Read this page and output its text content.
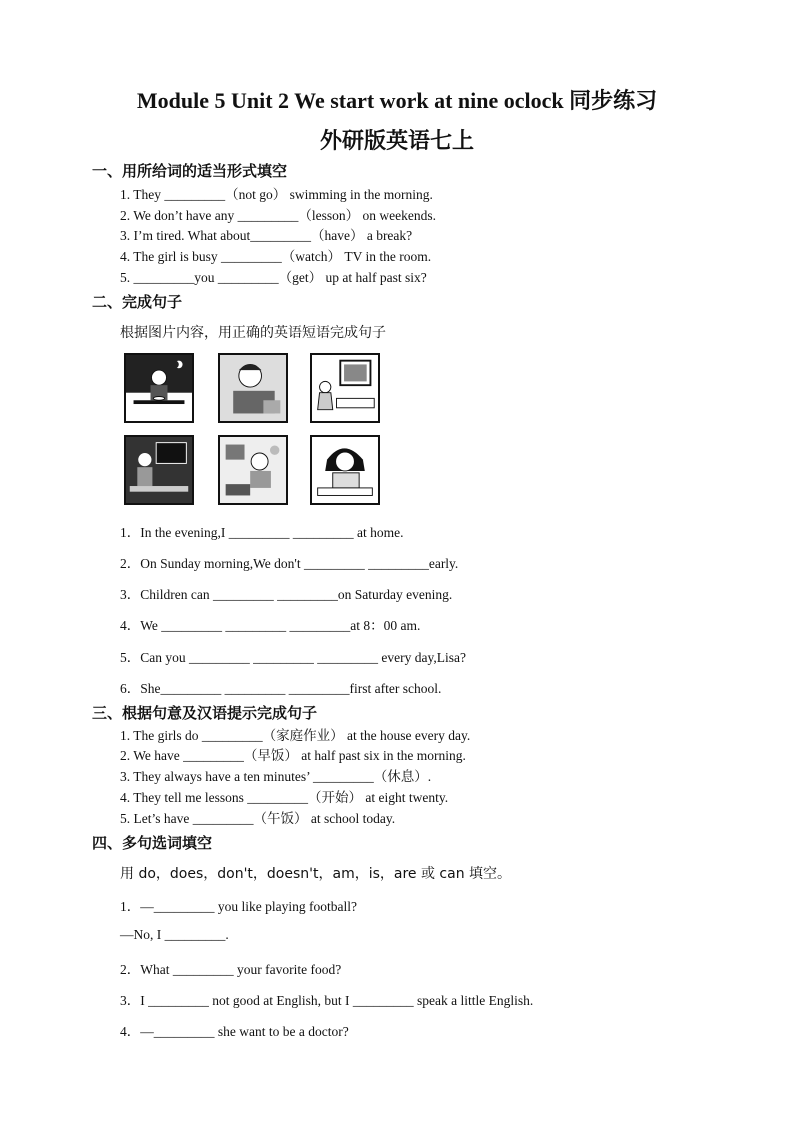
Module 5 Unit 2 We start work at nine oclock 同步练习
外研版英语七上
一、用所给词的适当形式填空
1. They _________（not go） swimming in the morning.
2. We don’t have any _________（lesson） on weekends.
3. I’m tired. What about_________（have） a break?
4. The girl is busy _________（watch） TV in the room.
5. _________you _________（get） up at half past six?
二、完成句子
根据图片内容，用正确的英语短语完成句子
1．In the evening,I _________ _________ at home.
2．On Sunday morning,We don't _________ _________early.
3．Children can _________ _________on Saturday evening.
4．We _________ _________ _________at 8：00 am.
5．Can you _________ _________ _________ every day,Lisa?
6．She_________ _________ _________first after school.
三、根据句意及汉语提示完成句子
1. The girls do _________（家庭作业） at the house every day.
2. We have _________（早饭） at half past six in the morning.
3. They always have a ten minutes’ _________（休息）.
4. They tell me lessons _________（开始） at eight twenty.
5. Let’s have _________（午饭） at school today.
四、多句选词填空
用 do，does，don't，doesn't，am，is，are 或 can 填空。
1．—_________ you like playing football?
—No, I _________.
2．What _________ your favorite food?
3．I _________ not good at English, but I _________ speak a little English.
4．—_________ she want to be a doctor?
